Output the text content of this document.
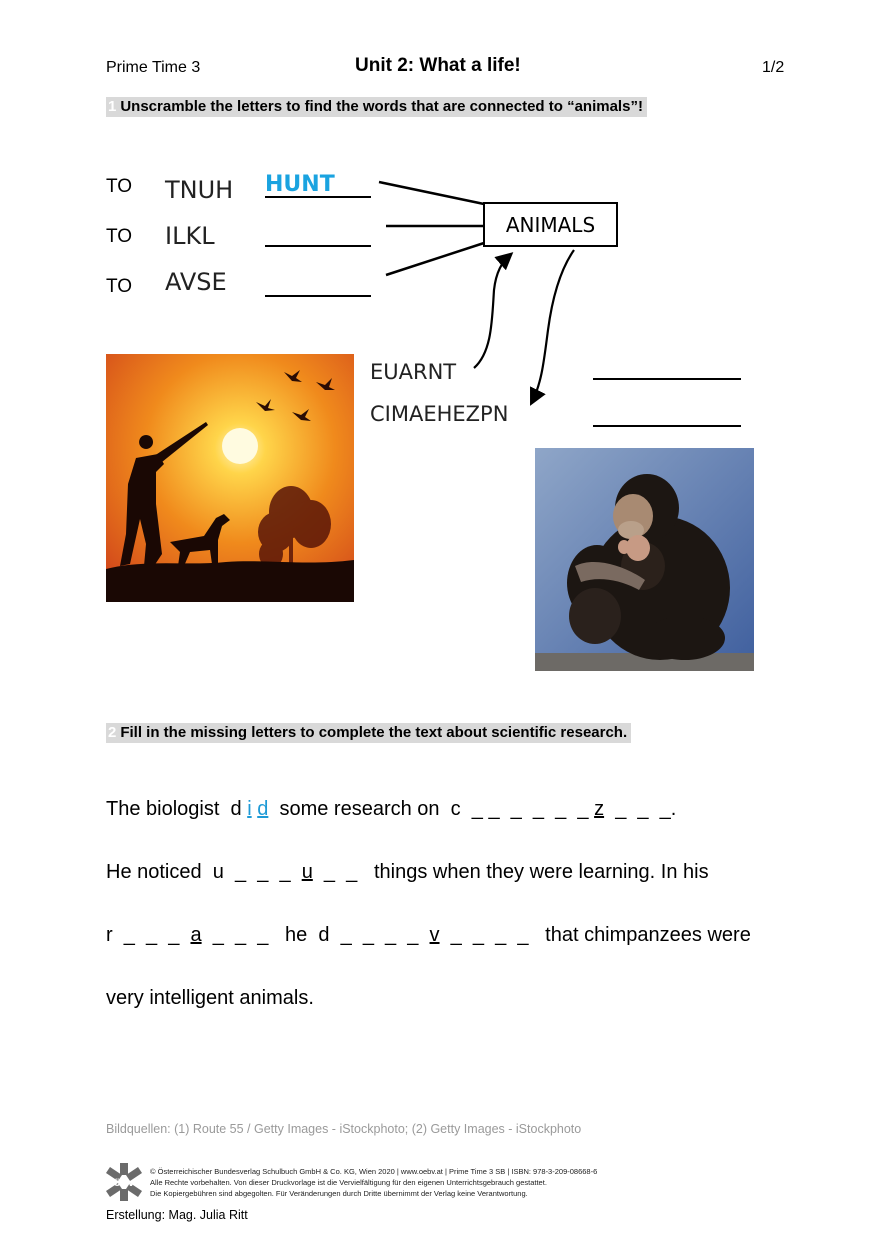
Prime Time 3	Unit 2: What a life!	1/2
1 Unscramble the letters to find the words that are connected to “animals”!
TO TNUH HUNT
TO ILKL
TO AVSE
ANIMALS
EUARNT
CIMAEHEZPN
2 Fill in the missing letters to complete the text about scientific research.
The biologist  d i d  some research on  c  _ _  _  _  _  _ z  _  _  _.
He noticed  u  _  _  _  u  _  _   things when they were learning. In his
r  _  _  _  a  _  _  _   he  d  _  _  _  _  v  _  _  _  _   that chimpanzees were
very intelligent animals.
Bildquellen: (1) Route 55 / Getty Images - iStockphoto; (2) Getty Images - iStockphoto
öbv
© Österreichischer Bundesverlag Schulbuch GmbH & Co. KG, Wien 2020 | www.oebv.at | Prime Time 3 SB | ISBN: 978-3-209-08668-6
Alle Rechte vorbehalten. Von dieser Druckvorlage ist die Vervielfältigung für den eigenen Unterrichtsgebrauch gestattet.
Die Kopiergebühren sind abgegolten. Für Veränderungen durch Dritte übernimmt der Verlag keine Verantwortung.
Erstellung: Mag. Julia Ritt
